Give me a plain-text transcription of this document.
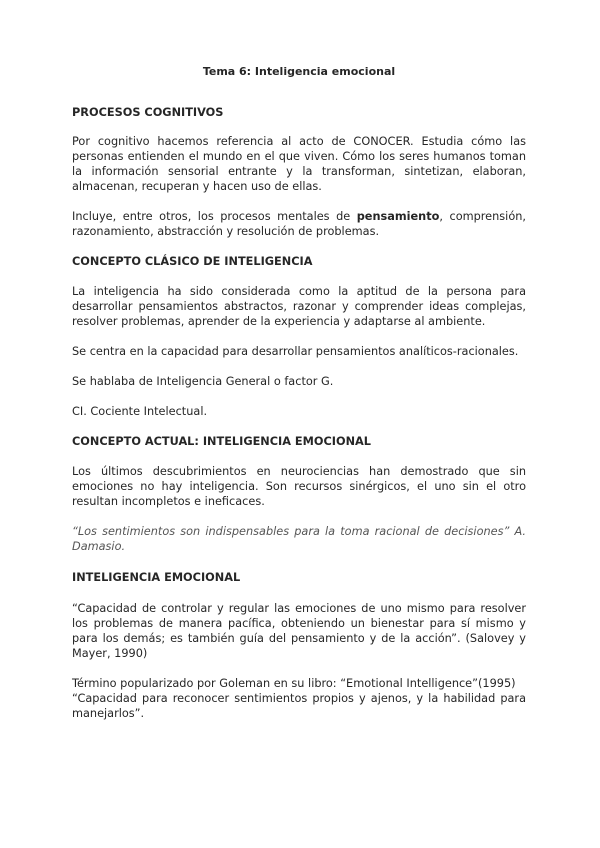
Tema 6: Inteligencia emocional

PROCESOS COGNITIVOS

Por cognitivo hacemos referencia al acto de CONOCER. Estudia cómo las personas entienden el mundo en el que viven. Cómo los seres humanos toman la información sensorial entrante y la transforman, sintetizan, elaboran, almacenan, recuperan y hacen uso de ellas.

Incluye, entre otros, los procesos mentales de pensamiento, comprensión, razonamiento, abstracción y resolución de problemas.

CONCEPTO CLÁSICO DE INTELIGENCIA

La inteligencia ha sido considerada como la aptitud de la persona para desarrollar pensamientos abstractos, razonar y comprender ideas complejas, resolver problemas, aprender de la experiencia y adaptarse al ambiente.

Se centra en la capacidad para desarrollar pensamientos analíticos-racionales.

Se hablaba de Inteligencia General o factor G.

CI. Cociente Intelectual.

CONCEPTO ACTUAL: INTELIGENCIA EMOCIONAL

Los últimos descubrimientos en neurociencias han demostrado que sin emociones no hay inteligencia. Son recursos sinérgicos, el uno sin el otro resultan incompletos e ineficaces.

“Los sentimientos son indispensables para la toma racional de decisiones” A. Damasio.

INTELIGENCIA EMOCIONAL

“Capacidad de controlar y regular las emociones de uno mismo para resolver los problemas de manera pacífica, obteniendo un bienestar para sí mismo y para los demás; es también guía del pensamiento y de la acción”. (Salovey y Mayer, 1990)

Término popularizado por Goleman en su libro: “Emotional Intelligence”(1995)
“Capacidad para reconocer sentimientos propios y ajenos, y la habilidad para manejarlos”.
